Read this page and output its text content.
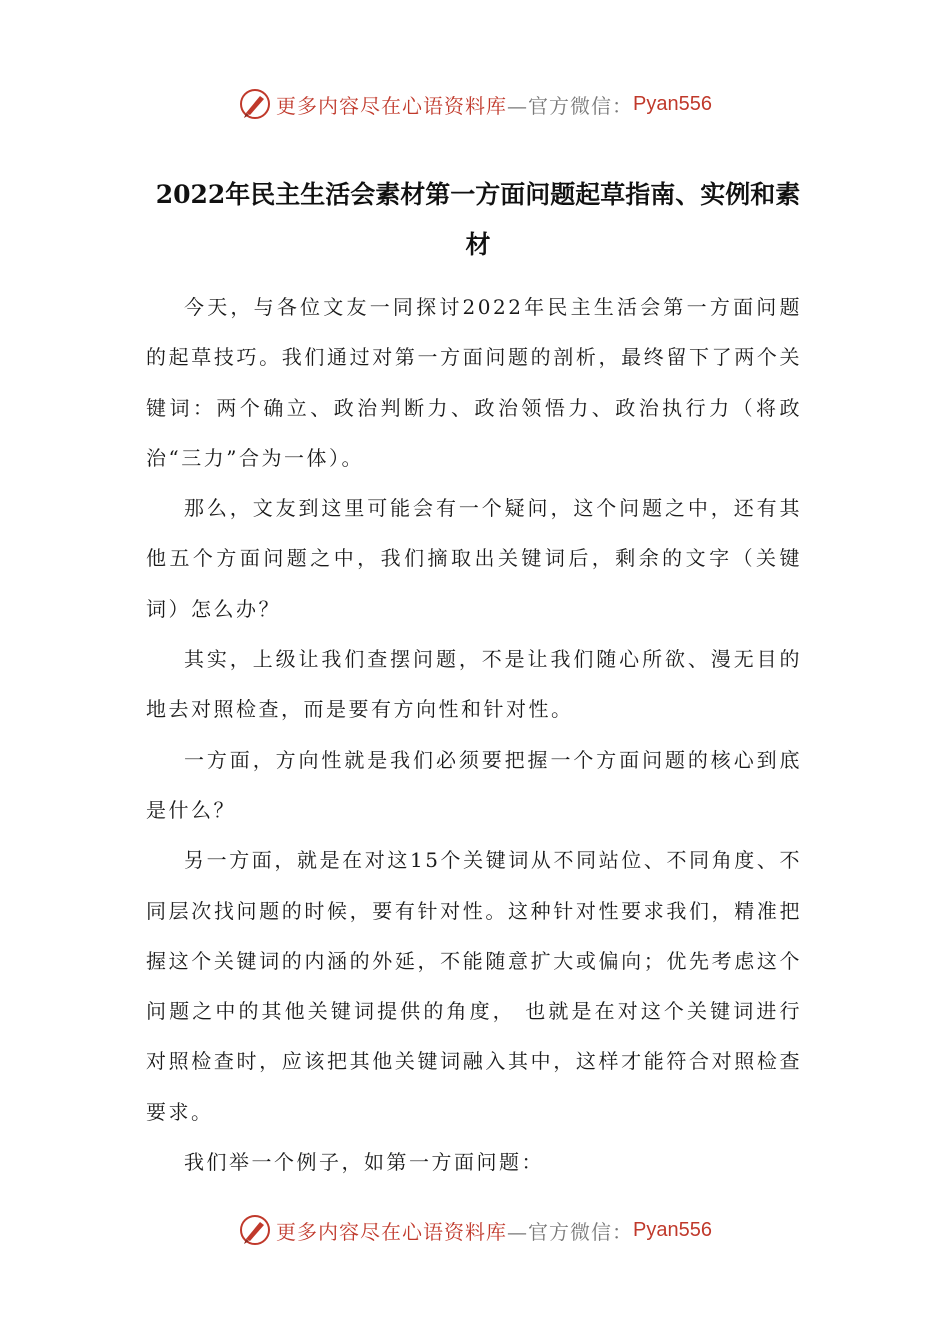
更多内容尽在心语资料库 —官方微信： Pyan556
2022年民主生活会素材第一方面问题起草指南、实例和素材

今天，与各位文友一同探讨2022年民主生活会第一方面问题的起草技巧。我们通过对第一方面问题的剖析，最终留下了两个关键词：两个确立、政治判断力、政治领悟力、政治执行力（将政治“三力”合为一体）。

那么，文友到这里可能会有一个疑问，这个问题之中，还有其他五个方面问题之中，我们摘取出关键词后，剩余的文字（关键词）怎么办？

其实，上级让我们查摆问题，不是让我们随心所欲、漫无目的地去对照检查，而是要有方向性和针对性。

一方面，方向性就是我们必须要把握一个方面问题的核心到底是什么？

另一方面，就是在对这15个关键词从不同站位、不同角度、不同层次找问题的时候，要有针对性。这种针对性要求我们，精准把握这个关键词的内涵的外延，不能随意扩大或偏向；优先考虑这个问题之中的其他关键词提供的角度， 也就是在对这个关键词进行对照检查时，应该把其他关键词融入其中，这样才能符合对照检查要求。

我们举一个例子，如第一方面问题：

更多内容尽在心语资料库 —官方微信： Pyan556
